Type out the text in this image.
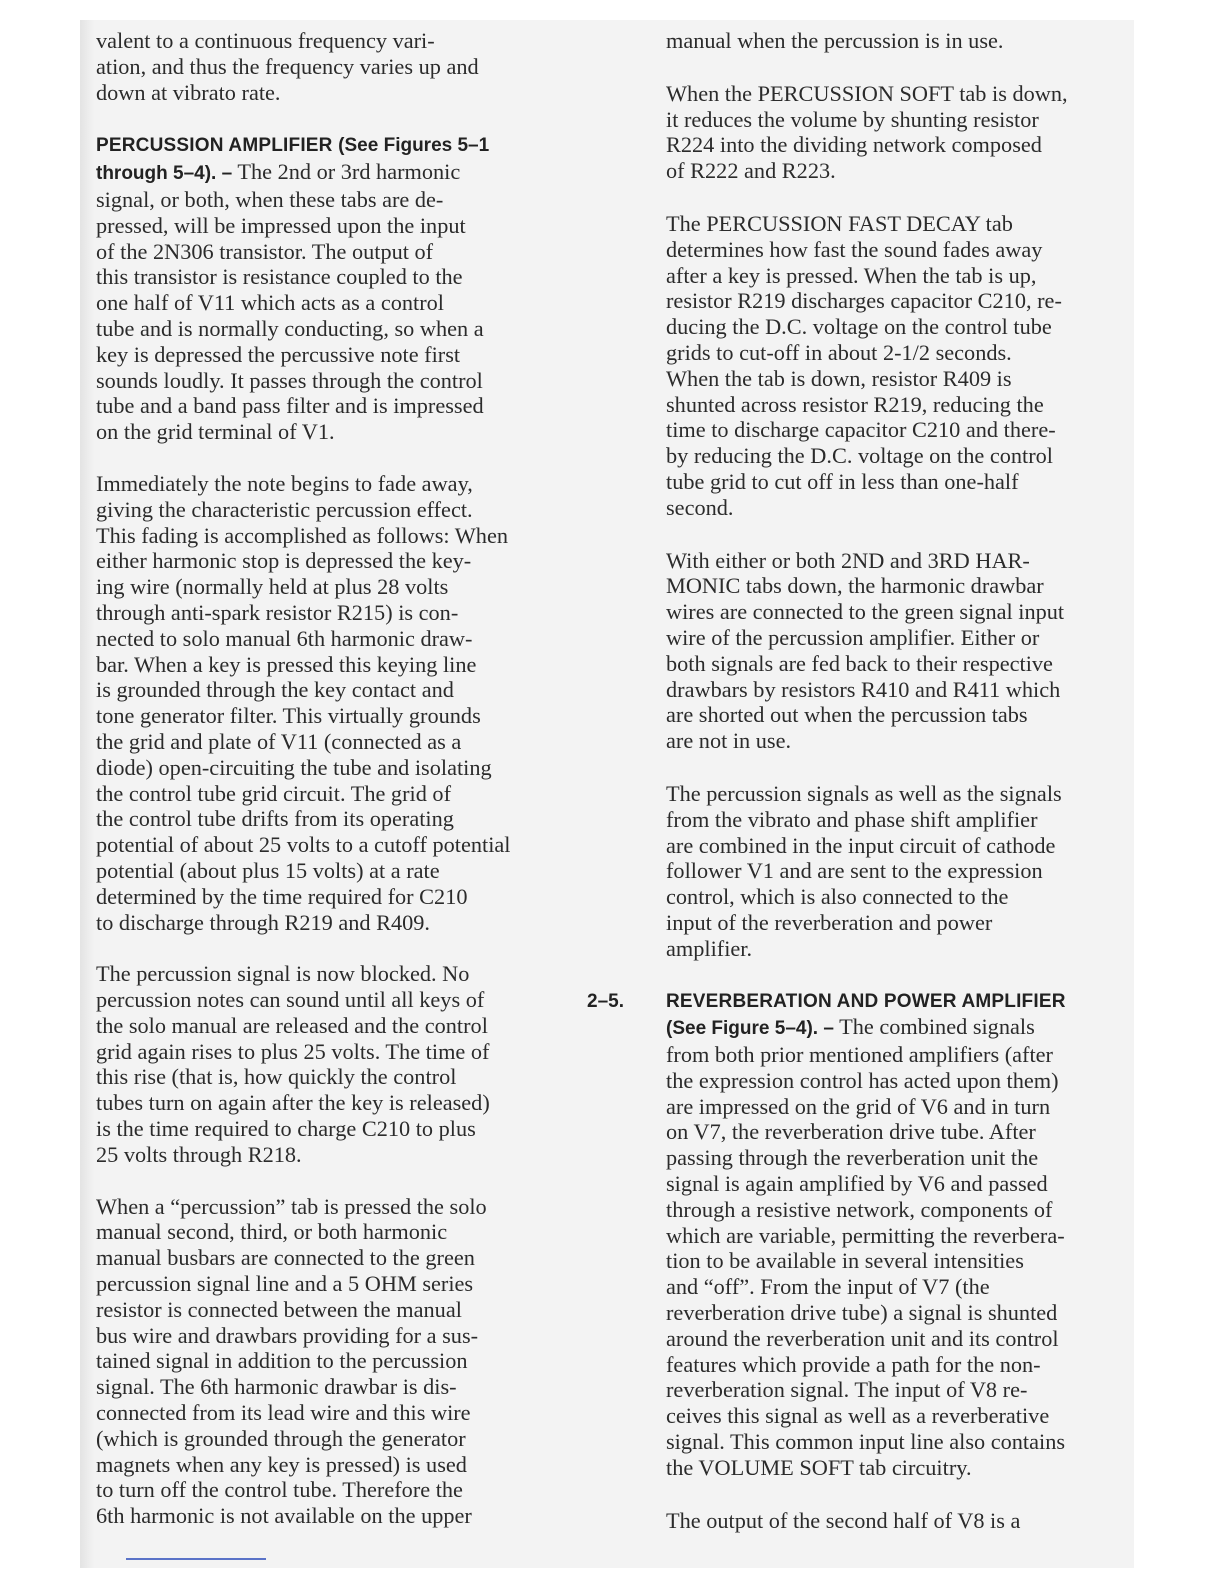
valent to a continuous frequency vari-
ation, and thus the frequency varies up and
down at vibrato rate.

PERCUSSION AMPLIFIER (See Figures 5–1
through 5–4). – The 2nd or 3rd harmonic
signal, or both, when these tabs are de-
pressed, will be impressed upon the input
of the 2N306 transistor. The output of
this transistor is resistance coupled to the
one half of V11 which acts as a control
tube and is normally conducting, so when a
key is depressed the percussive note first
sounds loudly. It passes through the control
tube and a band pass filter and is impressed
on the grid terminal of V1.

Immediately the note begins to fade away,
giving the characteristic percussion effect.
This fading is accomplished as follows: When
either harmonic stop is depressed the key-
ing wire (normally held at plus 28 volts
through anti-spark resistor R215) is con-
nected to solo manual 6th harmonic draw-
bar. When a key is pressed this keying line
is grounded through the key contact and
tone generator filter. This virtually grounds
the grid and plate of V11 (connected as a
diode) open-circuiting the tube and isolating
the control tube grid circuit. The grid of
the control tube drifts from its operating
potential of about 25 volts to a cutoff potential
potential (about plus 15 volts) at a rate
determined by the time required for C210
to discharge through R219 and R409.

The percussion signal is now blocked. No
percussion notes can sound until all keys of
the solo manual are released and the control
grid again rises to plus 25 volts. The time of
this rise (that is, how quickly the control
tubes turn on again after the key is released)
is the time required to charge C210 to plus
25 volts through R218.

When a “percussion” tab is pressed the solo
manual second, third, or both harmonic
manual busbars are connected to the green
percussion signal line and a 5 OHM series
resistor is connected between the manual
bus wire and drawbars providing for a sus-
tained signal in addition to the percussion
signal. The 6th harmonic drawbar is dis-
connected from its lead wire and this wire
(which is grounded through the generator
magnets when any key is pressed) is used
to turn off the control tube. Therefore the
6th harmonic is not available on the upper

manual when the percussion is in use.

When the PERCUSSION SOFT tab is down,
it reduces the volume by shunting resistor
R224 into the dividing network composed
of R222 and R223.

The PERCUSSION FAST DECAY tab
determines how fast the sound fades away
after a key is pressed. When the tab is up,
resistor R219 discharges capacitor C210, re-
ducing the D.C. voltage on the control tube
grids to cut-off in about 2-1/2 seconds.
When the tab is down, resistor R409 is
shunted across resistor R219, reducing the
time to discharge capacitor C210 and there-
by reducing the D.C. voltage on the control
tube grid to cut off in less than one-half
second.

With either or both 2ND and 3RD HAR-
MONIC tabs down, the harmonic drawbar
wires are connected to the green signal input
wire of the percussion amplifier. Either or
both signals are fed back to their respective
drawbars by resistors R410 and R411 which
are shorted out when the percussion tabs
are not in use.

The percussion signals as well as the signals
from the vibrato and phase shift amplifier
are combined in the input circuit of cathode
follower V1 and are sent to the expression
control, which is also connected to the
input of the reverberation and power
amplifier.

2–5. REVERBERATION AND POWER AMPLIFIER
(See Figure 5–4). – The combined signals
from both prior mentioned amplifiers (after
the expression control has acted upon them)
are impressed on the grid of V6 and in turn
on V7, the reverberation drive tube. After
passing through the reverberation unit the
signal is again amplified by V6 and passed
through a resistive network, components of
which are variable, permitting the reverbera-
tion to be available in several intensities
and “off”. From the input of V7 (the
reverberation drive tube) a signal is shunted
around the reverberation unit and its control
features which provide a path for the non-
reverberation signal. The input of V8 re-
ceives this signal as well as a reverberative
signal. This common input line also contains
the VOLUME SOFT tab circuitry.

The output of the second half of V8 is a
